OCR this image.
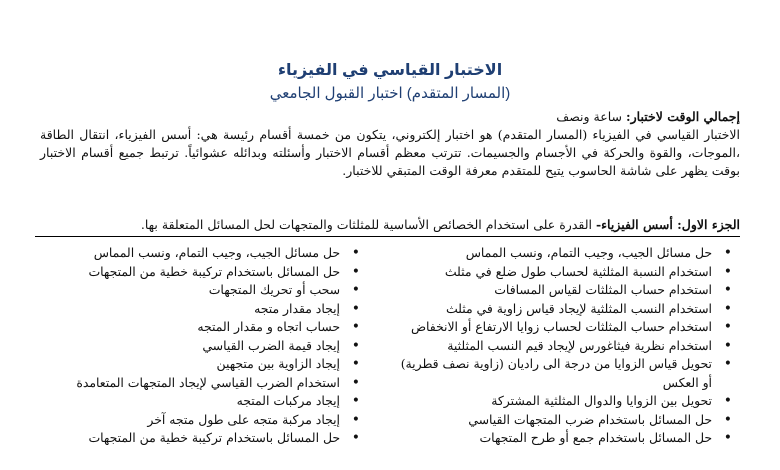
الاختبار القياسي في الفيزياء
(المسار المتقدم) اختبار القبول الجامعي
إجمالي الوقت لاختبار: ساعة ونصف
الاختبار القياسي في الفيزياء (المسار المتقدم) هو اختبار إلكتروني، يتكون من خمسة أقسام رئيسة هي: أسس الفيزياء، انتقال الطاقة ،الموجات، والقوة والحركة في الأجسام والجسيمات. تترتب معظم أقسام الاختبار وأسئلته وبدائله عشوائياً. ترتبط جميع أقسام الاختبار بوقت يظهر على شاشة الحاسوب يتيح للمتقدم معرفة الوقت المتبقي للاختبار.
الجزء الاول: أسس الفيزياء- القدرة على استخدام الخصائص الأساسية للمثلثات والمتجهات لحل المسائل المتعلقة بها.
• حل مسائل الجيب، وجيب التمام، ونسب المماس
• استخدام النسبة المثلثية لحساب طول ضلع في مثلث
• استخدام حساب المثلثات لقياس المسافات
• استخدام النسب المثلثية لإيجاد قياس زاوية في مثلث
• استخدام حساب المثلثات لحساب زوايا الارتفاع أو الانخفاض
• استخدام نظرية فيثاغورس لإيجاد قيم النسب المثلثية
• تحويل قياس الزوايا من درجة الى راديان (زاوية نصف قطرية) أو العكس
• تحويل بين الزوايا والدوال المثلثية المشتركة
• حل المسائل باستخدام ضرب المتجهات القياسي
• حل المسائل باستخدام جمع أو طرح المتجهات
• حل مسائل الجيب، وجيب التمام، ونسب المماس
• حل المسائل باستخدام تركيبة خطية من المتجهات
• سحب أو تحريك المتجهات
• إيجاد مقدار متجه
• حساب اتجاه و مقدار المتجه
• إيجاد قيمة الضرب القياسي
• إيجاد الزاوية بين متجهين
• استخدام الضرب القياسي لإيجاد المتجهات المتعامدة
• إيجاد مركبات المتجه
• إيجاد مركبة متجه على طول متجه آخر
• حل المسائل باستخدام تركيبة خطية من المتجهات
